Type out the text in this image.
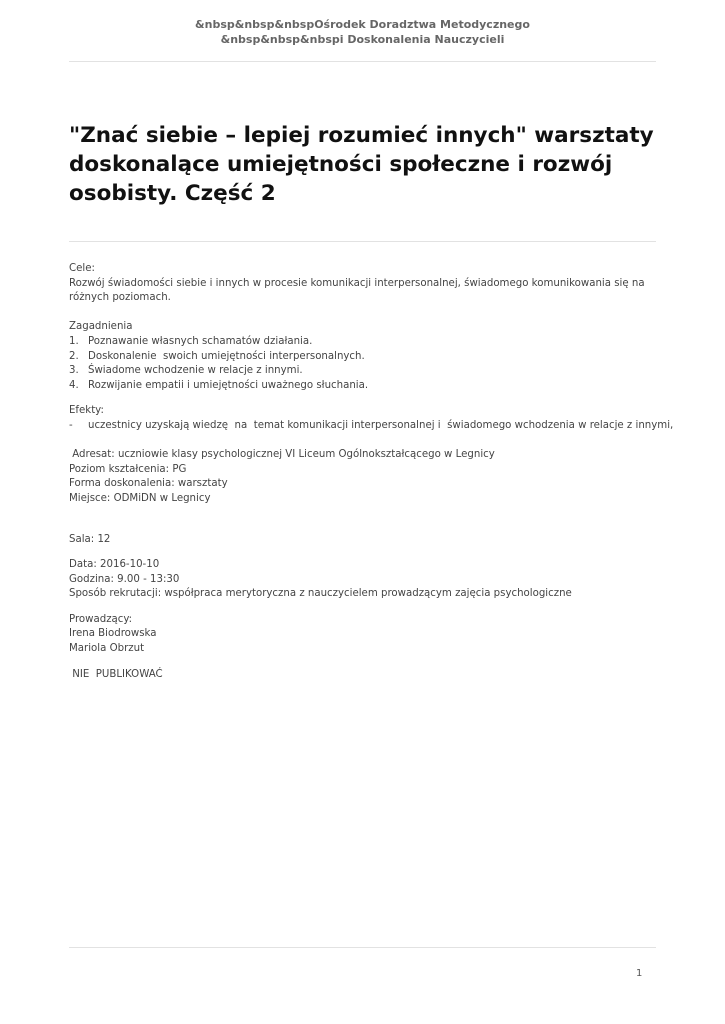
&nbsp&nbsp&nbspOśrodek Doradztwa Metodycznego
&nbsp&nbsp&nbspi Doskonalenia Nauczycieli
"Znać siebie – lepiej rozumieć innych" warsztaty doskonalące umiejętności społeczne i rozwój osobisty. Część 2

Cele:

Rozwój świadomości siebie i innych w procesie komunikacji interpersonalnej, świadomego komunikowania się na

różnych poziomach.

Zagadnienia

1. Poznawanie własnych schamatów działania.

2. Doskonalenie  swoich umiejętności interpersonalnych.

3. Świadome wchodzenie w relacje z innymi.

4. Rozwijanie empatii i umiejętności uważnego słuchania.

Efekty:

- uczestnicy uzyskają wiedzę  na  temat komunikacji interpersonalnej i  świadomego wchodzenia w relacje z innymi,

Adresat: uczniowie klasy psychologicznej VI Liceum Ogólnokształcącego w Legnicy

Poziom kształcenia: PG

Forma doskonalenia: warsztaty

Miejsce: ODMiDN w Legnicy

Sala: 12

Data: 2016-10-10

Godzina: 9.00 - 13:30

Sposób rekrutacji: współpraca merytoryczna z nauczycielem prowadzącym zajęcia psychologiczne

Prowadzący:

Irena Biodrowska

Mariola Obrzut

NIE  PUBLIKOWAĆ

1
